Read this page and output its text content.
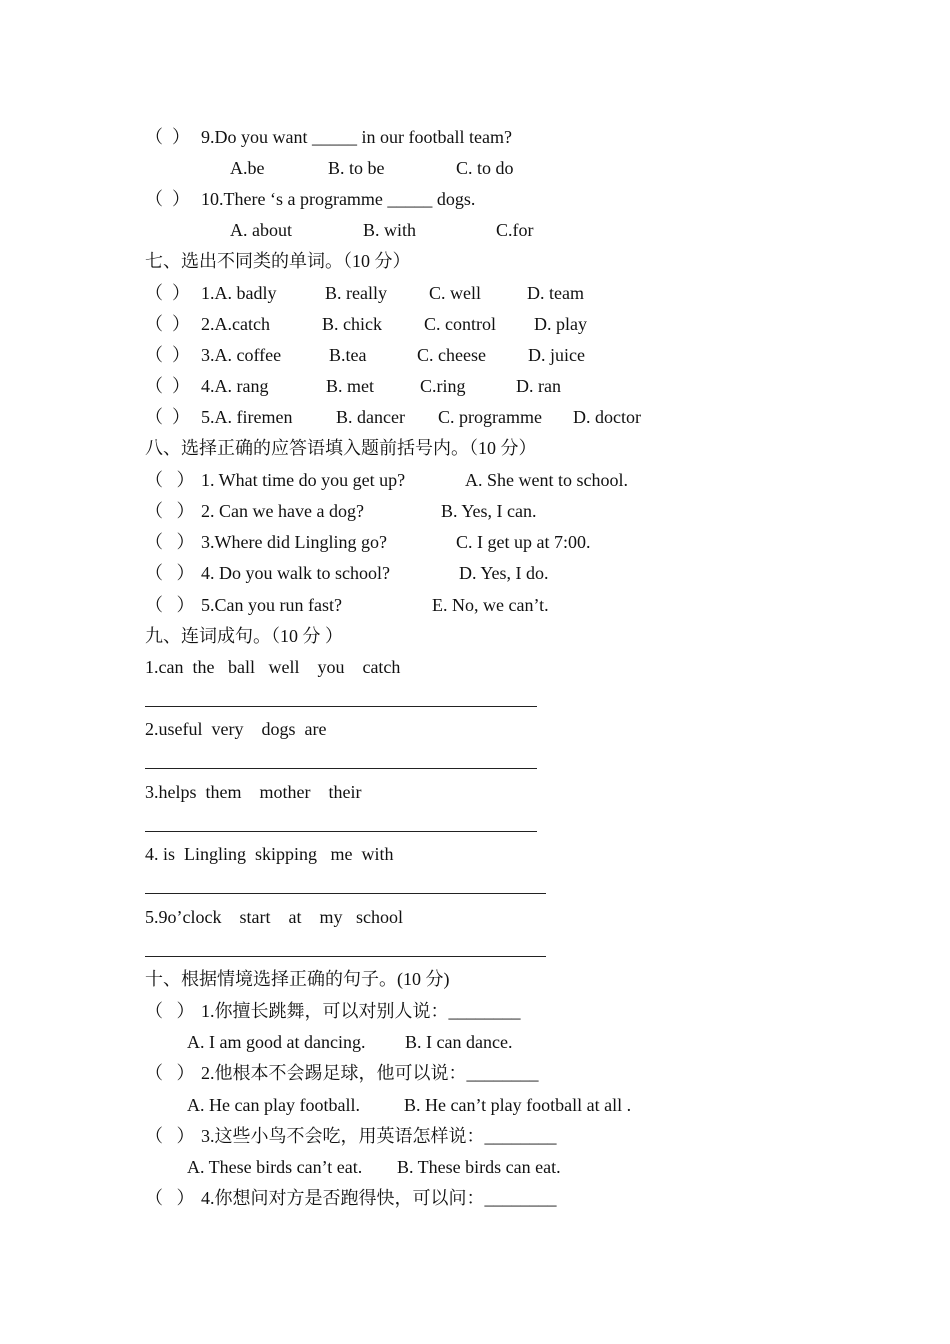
（  ） 9.Do you want _____ in our football team?
A.be	B. to be	C. to do
（  ） 10.There ‘s a programme _____ dogs.
A. about	B. with	C.for
七、选出不同类的单词。（10 分）
（  ） 1.A. badly	B. really C. well	D. team
（  ） 2.A.catch	B. chick C. control D. play
（  ） 3.A. coffee	B.tea	C. cheese D. juice
（  ） 4.A. rang	B. met	C.ring	D. ran
（  ） 5.A. firemen B. dancer C. programme D. doctor
八、选择正确的应答语填入题前括号内。（10 分）
（   ） 1. What time do you get up?	A. She went to school.
（   ） 2. Can we have a dog?	B. Yes, I can.
（   ） 3.Where did Lingling go?	C. I get up at 7:00.
（   ） 4. Do you walk to school?	D. Yes, I do.
（   ） 5.Can you run fast?	E. No, we can’t.
九、连词成句。（10 分 ）
1.can  the   ball   well    you    catch
2.useful  very    dogs  are
3.helps  them    mother    their
4. is  Lingling  skipping   me  with
5.9o’clock    start    at    my   school
十、根据情境选择正确的句子。(10 分)
（   ） 1.你擅长跳舞，可以对别人说：________
A. I am good at dancing. B. I can dance.
（   ） 2.他根本不会踢足球，他可以说：________
A. He can play football. B. He can’t play football at all .
（   ） 3.这些小鸟不会吃，用英语怎样说：________
A. These birds can’t eat. B. These birds can eat.
（   ） 4.你想问对方是否跑得快，可以问：________
